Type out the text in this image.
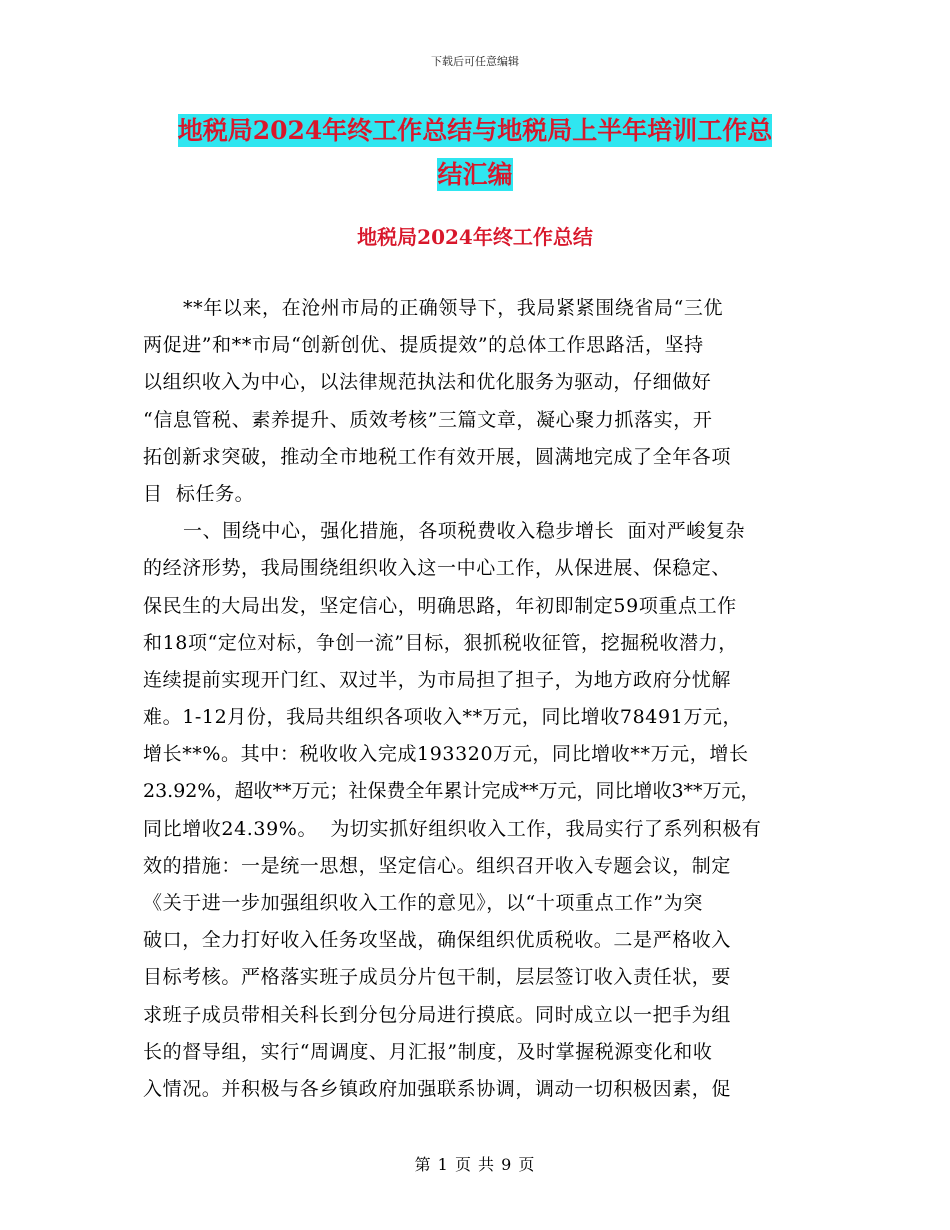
下载后可任意编辑
地税局2024年终工作总结与地税局上半年培训工作总
结汇编
地税局2024年终工作总结
**年以来，在沧州市局的正确领导下，我局紧紧围绕省局“三优
两促进”和**市局“创新创优、提质提效”的总体工作思路活，坚持
以组织收入为中心，以法律规范执法和优化服务为驱动，仔细做好
“信息管税、素养提升、质效考核”三篇文章，凝心聚力抓落实，开
拓创新求突破，推动全市地税工作有效开展，圆满地完成了全年各项
目  标任务。
一、围绕中心，强化措施，各项税费收入稳步增长  面对严峻复杂
的经济形势，我局围绕组织收入这一中心工作，从保进展、保稳定、
保民生的大局出发，坚定信心，明确思路，年初即制定59项重点工作
和18项“定位对标，争创一流”目标，狠抓税收征管，挖掘税收潜力，
连续提前实现开门红、双过半，为市局担了担子，为地方政府分忧解
难。1-12月份，我局共组织各项收入**万元，同比增收78491万元，
增长**%。其中：税收收入完成193320万元，同比增收**万元，增长
23.92%，超收**万元；社保费全年累计完成**万元，同比增收3**万元，
同比增收24.39%。  为切实抓好组织收入工作，我局实行了系列积极有
效的措施：一是统一思想，坚定信心。组织召开收入专题会议，制定
《关于进一步加强组织收入工作的意见》，以“十项重点工作”为突
破口，全力打好收入任务攻坚战，确保组织优质税收。二是严格收入
目标考核。严格落实班子成员分片包干制，层层签订收入责任状，要
求班子成员带相关科长到分包分局进行摸底。同时成立以一把手为组
长的督导组，实行“周调度、月汇报”制度，及时掌握税源变化和收
入情况。并积极与各乡镇政府加强联系协调，调动一切积极因素，促
第 1 页 共 9 页
